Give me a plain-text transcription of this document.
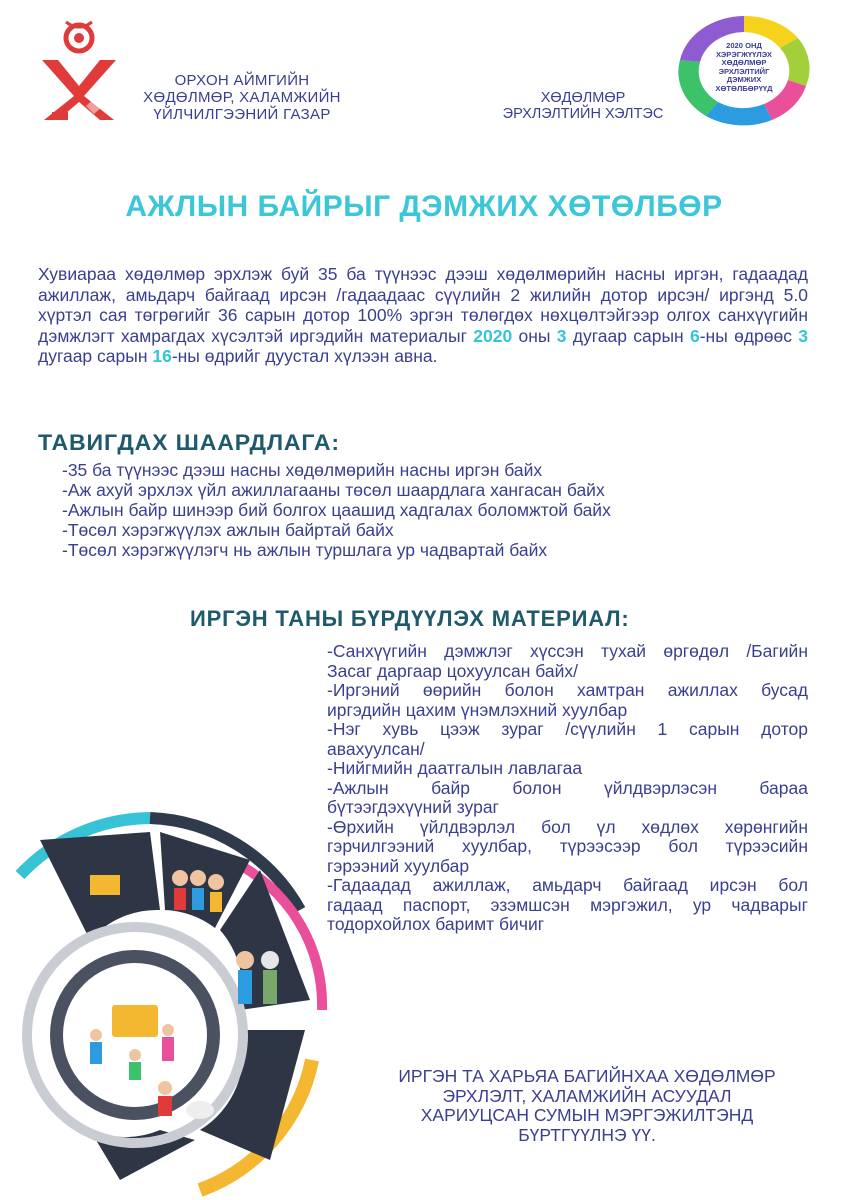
ОРХОН АЙМГИЙН
ХӨДӨЛМӨР, ХАЛАМЖИЙН
ҮЙЛЧИЛГЭЭНИЙ ГАЗАР
ХӨДӨЛМӨР
ЭРХЛЭЛТИЙН ХЭЛТЭС
2020 ОНД
ХЭРЭГЖҮҮЛЭХ
ХӨДӨЛМӨР
ЭРХЛЭЛТИЙГ
ДЭМЖИХ
ХӨТӨЛБӨРҮҮД
АЖЛЫН БАЙРЫГ ДЭМЖИХ ХӨТӨЛБӨР
Хувиараа хөдөлмөр эрхлэж буй 35 ба түүнээс дээш хөдөлмөрийн насны иргэн, гадаадад ажиллаж, амьдарч байгаад ирсэн /гадаадаас сүүлийн 2 жилийн дотор ирсэн/ иргэнд 5.0 хүртэл сая төгрөгийг 36 сарын дотор 100% эргэн төлөгдөх нөхцөлтэйгээр олгох санхүүгийн дэмжлэгт хамрагдах хүсэлтэй иргэдийн материалыг 2020 оны 3 дугаар сарын 6-ны өдрөөс 3 дугаар сарын 16-ны өдрийг дуустал хүлээн авна.
ТАВИГДАХ ШААРДЛАГА:
-35 ба түүнээс дээш насны хөдөлмөрийн насны иргэн байх
-Аж ахуй эрхлэх үйл ажиллагааны төсөл шаардлага хангасан байх
-Ажлын байр шинээр бий болгох цаашид хадгалах боломжтой байх
-Төсөл хэрэгжүүлэх ажлын байртай байх
-Төсөл хэрэгжүүлэгч нь ажлын туршлага ур чадвартай байх
ИРГЭН ТАНЫ БҮРДҮҮЛЭХ МАТЕРИАЛ:
-Санхүүгийн дэмжлэг хүссэн тухай өргөдөл /Багийн
Засаг даргаар цохуулсан байх/
-Иргэний өөрийн болон хамтран ажиллах бусад
иргэдийн цахим үнэмлэхний хуулбар
-Нэг хувь цээж зураг /сүүлийн 1 сарын дотор
авахуулсан/
-Нийгмийн даатгалын лавлагаа
-Ажлын байр болон үйлдвэрлэсэн бараа
бүтээгдэхүүний зураг
-Өрхийн үйлдвэрлэл бол үл хөдлөх хөрөнгийн
гэрчилгээний хуулбар, түрээсээр бол түрээсийн
гэрээний хуулбар
-Гадаадад ажиллаж, амьдарч байгаад ирсэн бол
гадаад паспорт, эзэмшсэн мэргэжил, ур чадварыг
тодорхойлох баримт бичиг
ИРГЭН ТА ХАРЬЯА БАГИЙНХАА ХӨДӨЛМӨР
ЭРХЛЭЛТ, ХАЛАМЖИЙН АСУУДАЛ
ХАРИУЦСАН СУМЫН МЭРГЭЖИЛТЭНД
БҮРТГҮҮЛНЭ ҮҮ.
